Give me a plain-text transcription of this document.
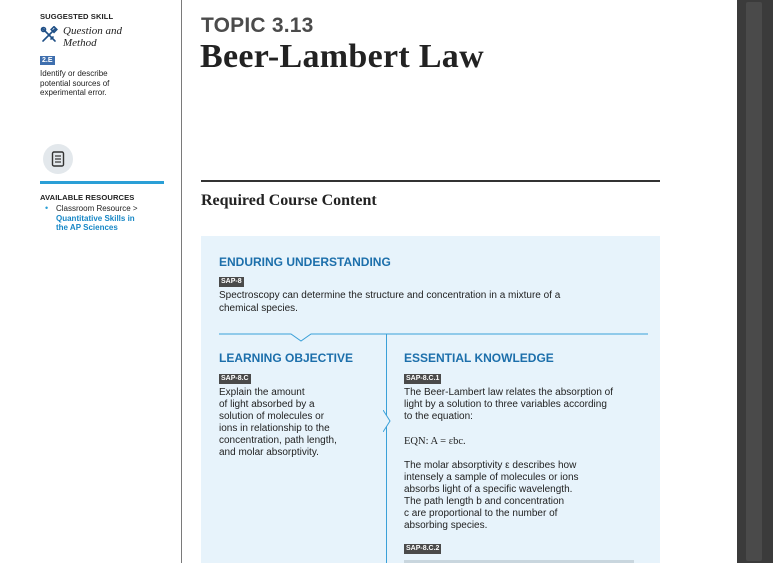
SUGGESTED SKILL
Question and
Method
2.E
Identify or describe
potential sources of
experimental error.
AVAILABLE RESOURCES
• Classroom Resource >
Quantitative Skills in
the AP Sciences
TOPIC 3.13
Beer-Lambert Law
Required Course Content
ENDURING UNDERSTANDING
SAP-8
Spectroscopy can determine the structure and concentration in a mixture of a
chemical species.
LEARNING OBJECTIVE
SAP-8.C
Explain the amount
of light absorbed by a
solution of molecules or
ions in relationship to the
concentration, path length,
and molar absorptivity.
ESSENTIAL KNOWLEDGE
SAP-8.C.1
The Beer-Lambert law relates the absorption of
light by a solution to three variables according
to the equation:
EQN: A = εbc.
The molar absorptivity ε describes how
intensely a sample of molecules or ions
absorbs light of a specific wavelength.
The path length b and concentration
c are proportional to the number of
absorbing species.
SAP-8.C.2
